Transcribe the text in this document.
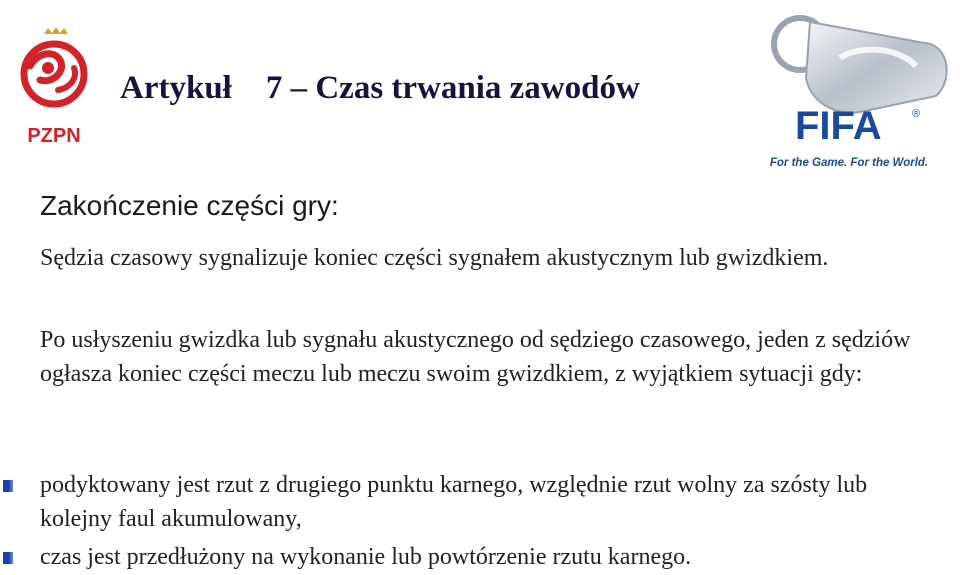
PZPN	FIFA	®
For the Game. For the World.
Artykuł 7 – Czas trwania zawodów
Zakończenie części gry:
Sędzia czasowy sygnalizuje koniec części sygnałem akustycznym lub gwizdkiem.
Po usłyszeniu gwizdka lub sygnału akustycznego od sędziego czasowego, jeden z sędziów ogłasza koniec części meczu lub meczu swoim gwizdkiem, z wyjątkiem sytuacji gdy:
podyktowany jest rzut z drugiego punktu karnego, względnie rzut wolny za szósty lub kolejny faul akumulowany,
czas jest przedłużony na wykonanie lub powtórzenie rzutu karnego.
